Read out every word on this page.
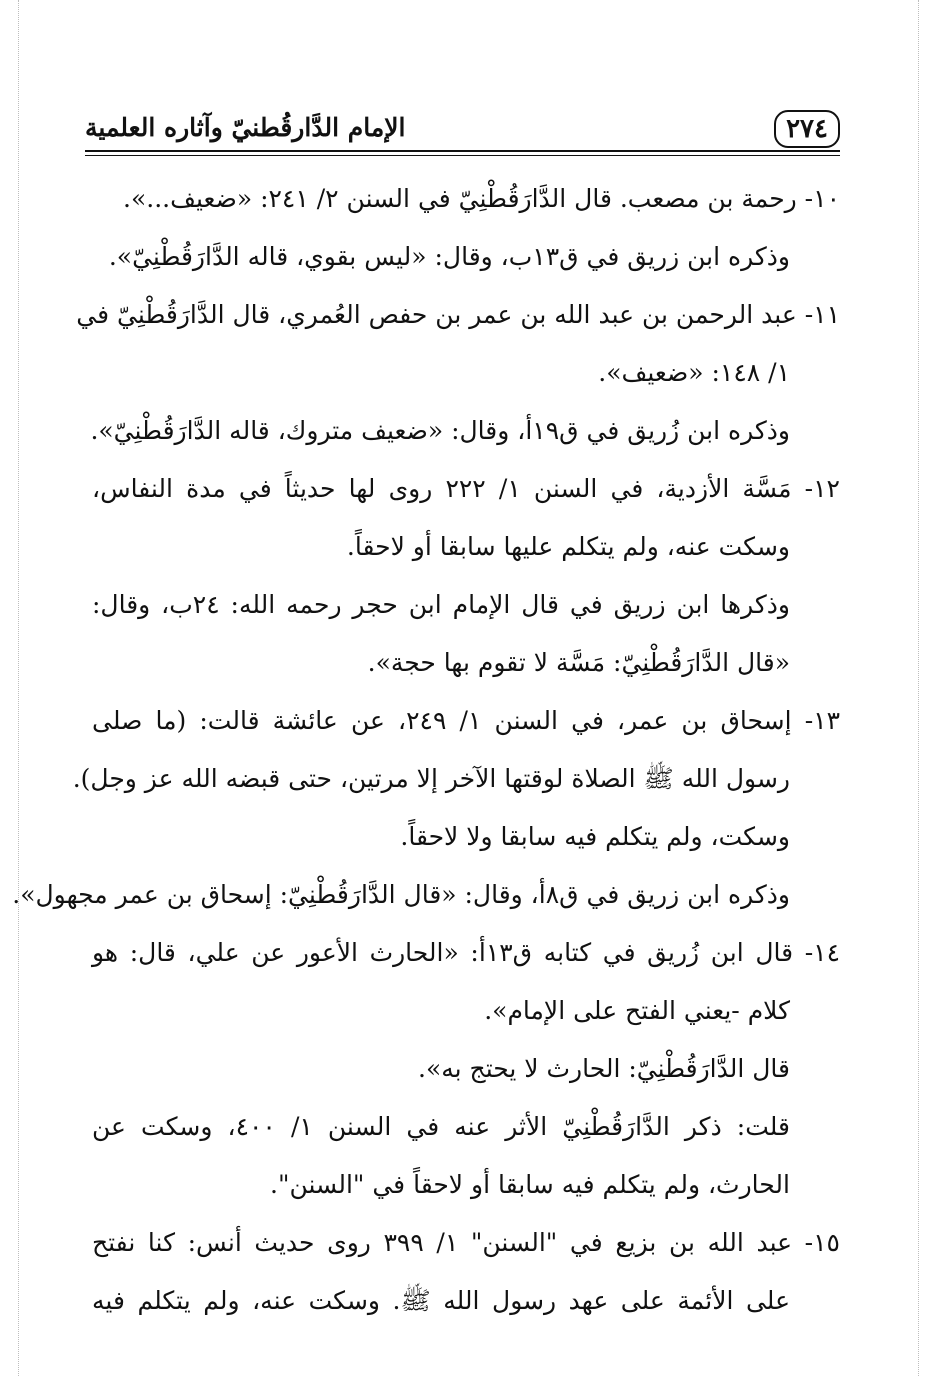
٢٧٤
الإمام الدَّارقُطنيّ وآثاره العلمية
١٠- رحمة بن مصعب. قال الدَّارَقُطْنِيّ في السنن ٢/ ٢٤١: «ضعيف...».
وذكره ابن زريق في ق١٣ب، وقال: «ليس بقوي، قاله الدَّارَقُطْنِيّ».
١١- عبد الرحمن بن عبد الله بن عمر بن حفص العُمري، قال الدَّارَقُطْنِيّ في
١/ ١٤٨: «ضعيف».
وذكره ابن زُريق في ق١٩أ، وقال: «ضعيف متروك، قاله الدَّارَقُطْنِيّ».
١٢- مَسَّة الأزدية، في السنن ١/ ٢٢٢ روى لها حديثاً في مدة النفاس،
وسكت عنه، ولم يتكلم عليها سابقا أو لاحقاً.
وذكرها ابن زريق في قال الإمام ابن حجر رحمه الله: ٢٤ب، وقال:
«قال الدَّارَقُطْنِيّ: مَسَّة لا تقوم بها حجة».
١٣- إسحاق بن عمر، في السنن ١/ ٢٤٩، عن عائشة قالت: (ما صلى
رسول الله ﷺ الصلاة لوقتها الآخر إلا مرتين، حتى قبضه الله عز وجل).
وسكت، ولم يتكلم فيه سابقا ولا لاحقاً.
وذكره ابن زريق في ق٨أ، وقال: «قال الدَّارَقُطْنِيّ: إسحاق بن عمر مجهول».
١٤- قال ابن زُريق في كتابه ق١٣أ: «الحارث الأعور عن علي، قال: هو
كلام -يعني الفتح على الإمام».
قال الدَّارَقُطْنِيّ: الحارث لا يحتج به».
قلت: ذكر الدَّارَقُطْنِيّ الأثر عنه في السنن ١/ ٤٠٠، وسكت عن
الحارث، ولم يتكلم فيه سابقا أو لاحقاً في "السنن".
١٥- عبد الله بن بزيع في "السنن" ١/ ٣٩٩ روى حديث أنس: كنا نفتح
على الأئمة على عهد رسول الله ﷺ. وسكت عنه، ولم يتكلم فيه
